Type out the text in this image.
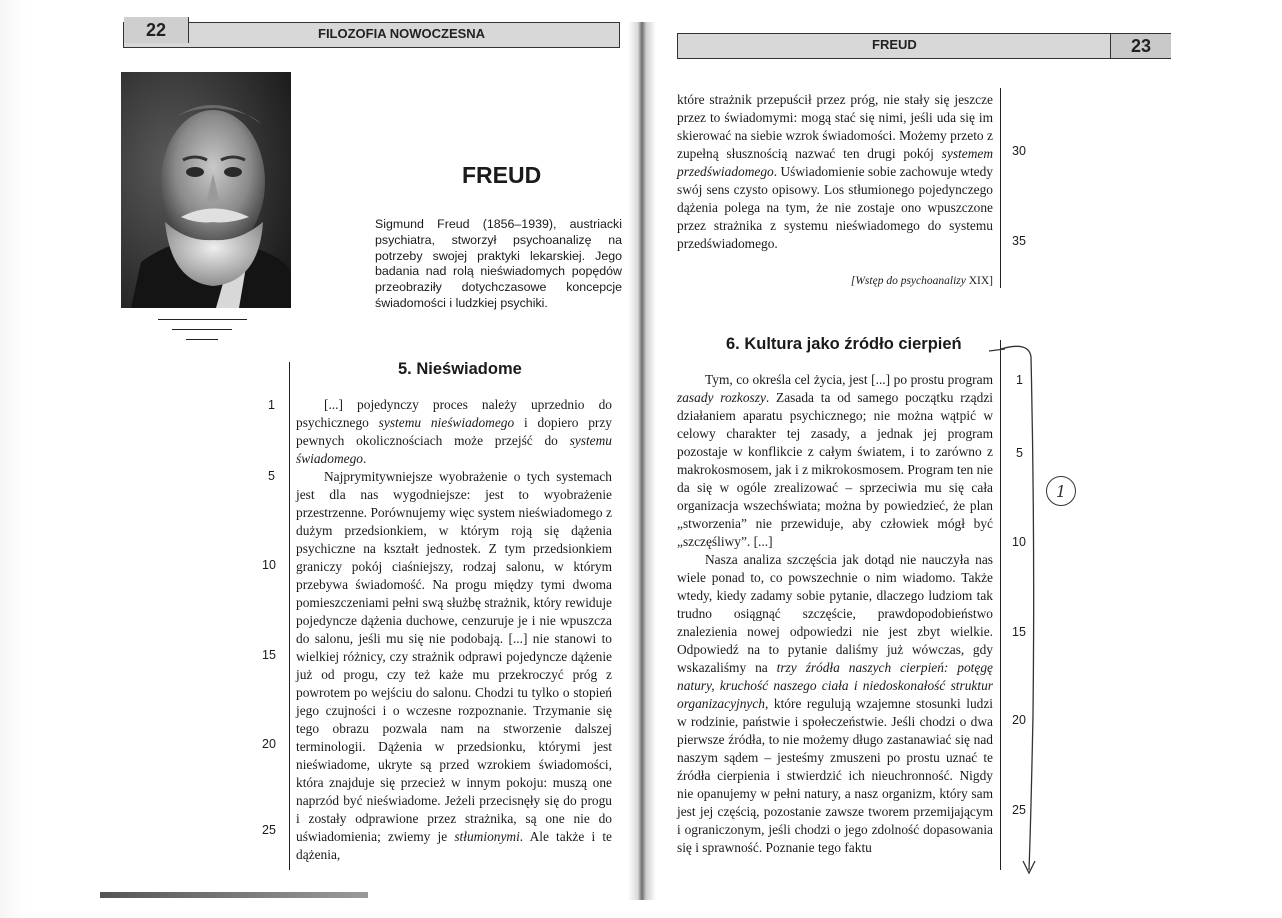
22	FILOZOFIA NOWOCZESNA
FREUD
Sigmund Freud (1856–1939), austriacki psychiatra, stworzył psychoanalizę na potrzeby swojej praktyki lekarskiej. Jego badania nad rolą nieświadomych popędów przeobraziły dotychczasowe koncepcje świadomości i ludzkiej psychiki.
5. Nieświadome

[...] pojedynczy proces należy uprzednio do psychicznego systemu nieświadomego i dopiero przy pewnych okolicznościach może przejść do systemu świadomego.

Najprymitywniejsze wyobrażenie o tych systemach jest dla nas wygodniejsze: jest to wyobrażenie przestrzenne. Porównujemy więc system nieświadomego z dużym przedsionkiem, w którym roją się dążenia psychiczne na kształt jednostek. Z tym przedsionkiem graniczy pokój ciaśniejszy, rodzaj salonu, w którym przebywa świadomość. Na progu między tymi dwoma pomieszczeniami pełni swą służbę strażnik, który rewiduje pojedyncze dążenia duchowe, cenzuruje je i nie wpuszcza do salonu, jeśli mu się nie podobają. [...] nie stanowi to wielkiej różnicy, czy strażnik odprawi pojedyncze dążenie już od progu, czy też każe mu przekroczyć próg z powrotem po wejściu do salonu. Chodzi tu tylko o stopień jego czujności i o wczesne rozpoznanie. Trzymanie się tego obrazu pozwala nam na stworzenie dalszej terminologii. Dążenia w przedsionku, którymi jest nieświadome, ukryte są przed wzrokiem świadomości, która znajduje się przecież w innym pokoju: muszą one naprzód być nieświadome. Jeżeli przecisnęły się do progu i zostały odprawione przez strażnika, są one nie do uświadomienia; zwiemy je stłumionymi. Ale także i te dążenia,

1
5
10
15
20
25
FREUD	23

które strażnik przepuścił przez próg, nie stały się jeszcze przez to świadomymi: mogą stać się nimi, jeśli uda się im skierować na siebie wzrok świadomości. Możemy przeto z zupełną słusznością nazwać ten drugi pokój systemem przedświadomego. Uświadomienie sobie zachowuje wtedy swój sens czysto opisowy. Los stłumionego pojedynczego dążenia polega na tym, że nie zostaje ono wpuszczone przez strażnika z systemu nieświadomego do systemu przedświadomego.

[Wstęp do psychoanalizy XIX]
30
35
6. Kultura jako źródło cierpień

Tym, co określa cel życia, jest [...] po prostu program zasady rozkoszy. Zasada ta od samego początku rządzi działaniem aparatu psychicznego; nie można wątpić w celowy charakter tej zasady, a jednak jej program pozostaje w konflikcie z całym światem, i to zarówno z makrokosmosem, jak i z mikrokosmosem. Program ten nie da się w ogóle zrealizować – sprzeciwia mu się cała organizacja wszechświata; można by powiedzieć, że plan „stworzenia” nie przewiduje, aby człowiek mógł być „szczęśliwy”. [...]

Nasza analiza szczęścia jak dotąd nie nauczyła nas wiele ponad to, co powszechnie o nim wiadomo. Także wtedy, kiedy zadamy sobie pytanie, dlaczego ludziom tak trudno osiągnąć szczęście, prawdopodobieństwo znalezienia nowej odpowiedzi nie jest zbyt wielkie. Odpowiedź na to pytanie daliśmy już wówczas, gdy wskazaliśmy na trzy źródła naszych cierpień: potęgę natury, kruchość naszego ciała i niedoskonałość struktur organizacyjnych, które regulują wzajemne stosunki ludzi w rodzinie, państwie i społeczeństwie. Jeśli chodzi o dwa pierwsze źródła, to nie możemy długo zastanawiać się nad naszym sądem – jesteśmy zmuszeni po prostu uznać te źródła cierpienia i stwierdzić ich nieuchronność. Nigdy nie opanujemy w pełni natury, a nasz organizm, który sam jest jej częścią, pozostanie zawsze tworem przemijającym i ograniczonym, jeśli chodzi o jego zdolność dopasowania się i sprawność. Poznanie tego faktu

1
5
10
15
20
25
1
